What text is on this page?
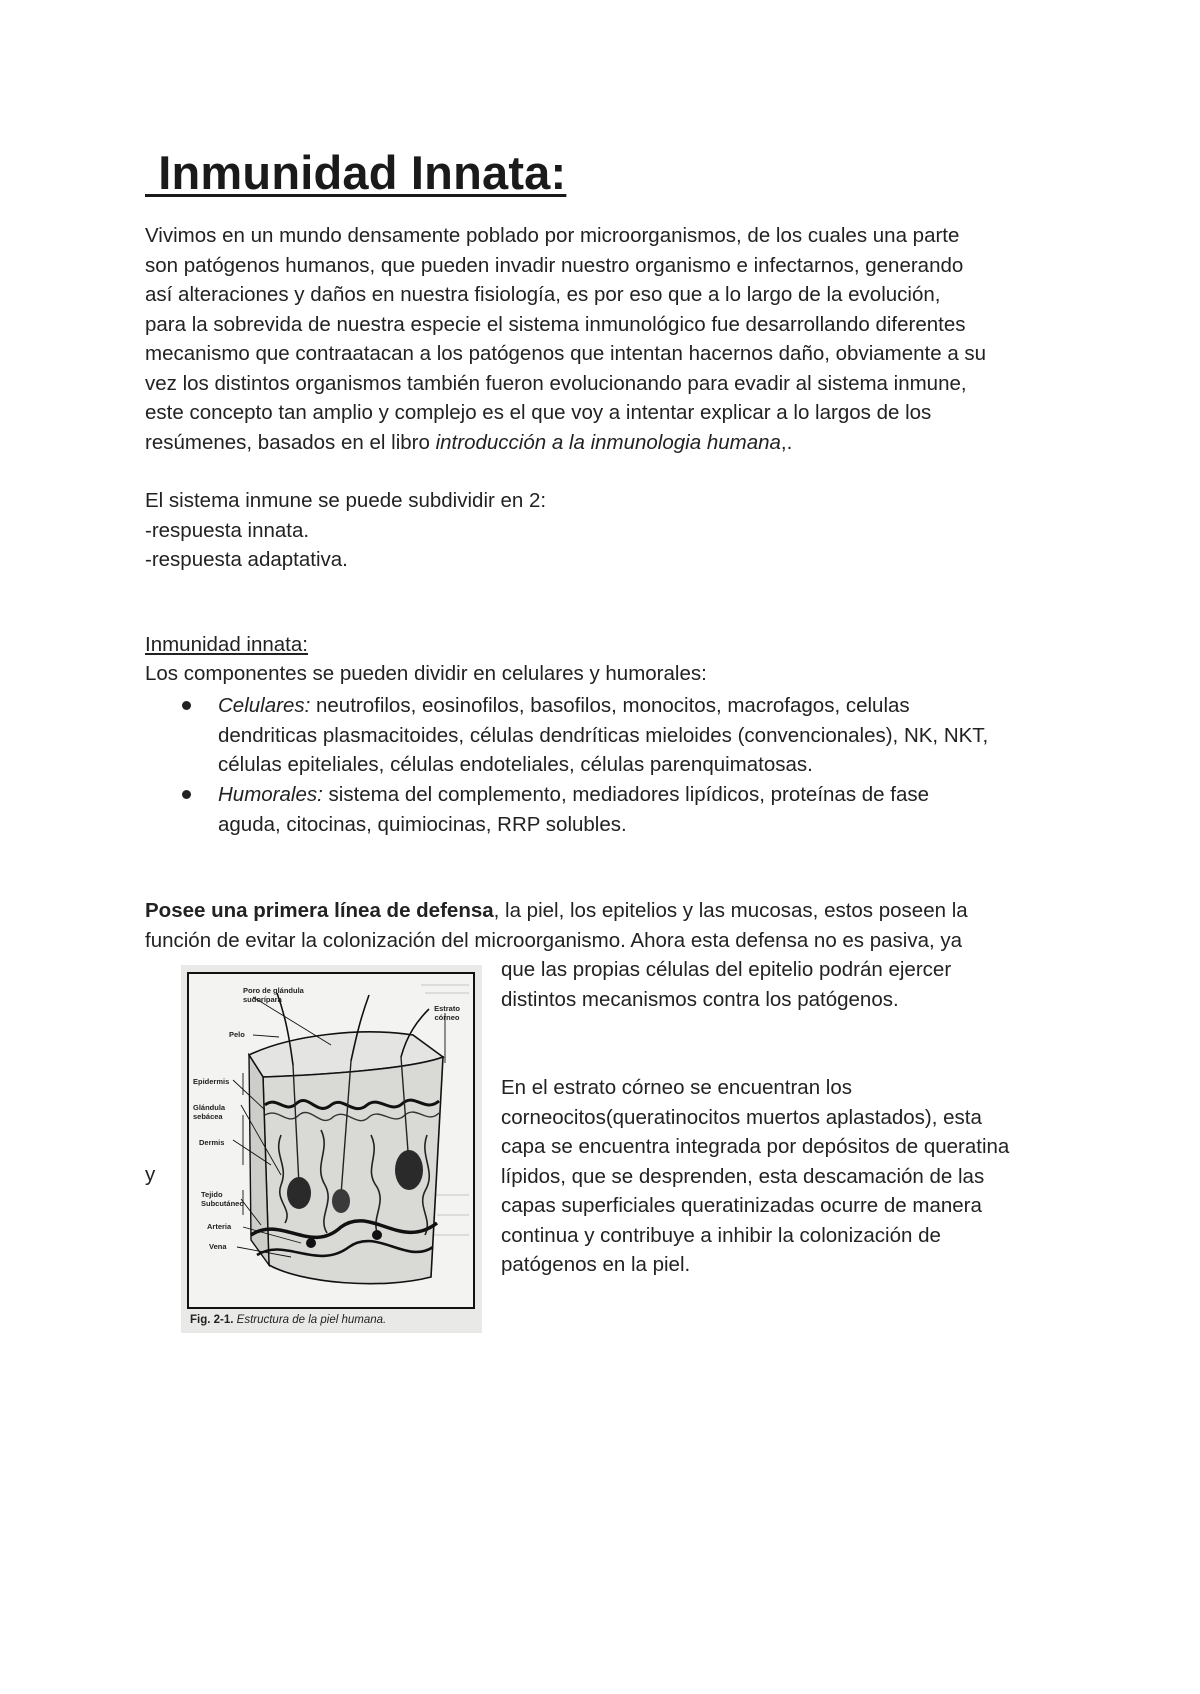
Inmunidad Innata:
Vivimos en un mundo densamente poblado por microorganismos, de los cuales una parte
son patógenos humanos, que pueden invadir nuestro organismo e infectarnos, generando
así alteraciones y daños en nuestra fisiología, es por eso que a lo largo de la evolución,
para la sobrevida de nuestra especie el sistema inmunológico fue desarrollando diferentes
mecanismo que contraatacan a los patógenos que intentan hacernos daño, obviamente a su
vez los distintos organismos también fueron evolucionando para evadir al sistema inmune,
este concepto tan amplio y complejo es el que voy a intentar explicar a lo largos de los
resúmenes, basados en el libro introducción a la inmunologia humana,.
El sistema inmune se puede subdividir en 2:
-respuesta innata.
-respuesta adaptativa.
Inmunidad innata:
Los componentes se pueden dividir en celulares y humorales:
Celulares: neutrofilos, eosinofilos, basofilos, monocitos, macrofagos, celulas
dendriticas plasmacitoides, células dendríticas mieloides (convencionales), NK, NKT,
células epiteliales, células endoteliales, células parenquimatosas.
Humorales: sistema del complemento, mediadores lipídicos, proteínas de fase
aguda, citocinas, quimiocinas, RRP solubles.
Posee una primera línea de defensa, la piel, los epitelios y las mucosas, estos poseen la
función de evitar la colonización del microorganismo. Ahora esta defensa no es pasiva, ya
que las propias células del epitelio podrán ejercer
distintos mecanismos contra los patógenos.
En el estrato córneo se encuentran los
corneocitos(queratinocitos muertos aplastados), esta
capa se encuentra integrada por depósitos de queratina
lípidos, que se desprenden, esta descamación de las
capas superficiales queratinizadas ocurre de manera
continua y contribuye a inhibir la colonización de
patógenos en la piel.
y
Poro de glándula sudorípara
Estrato córneo
Pelo
Epidermis
Glándula sebácea
Dermis
Tejido Subcutáneo
Arteria
Vena
Fig. 2-1. Estructura de la piel humana.
